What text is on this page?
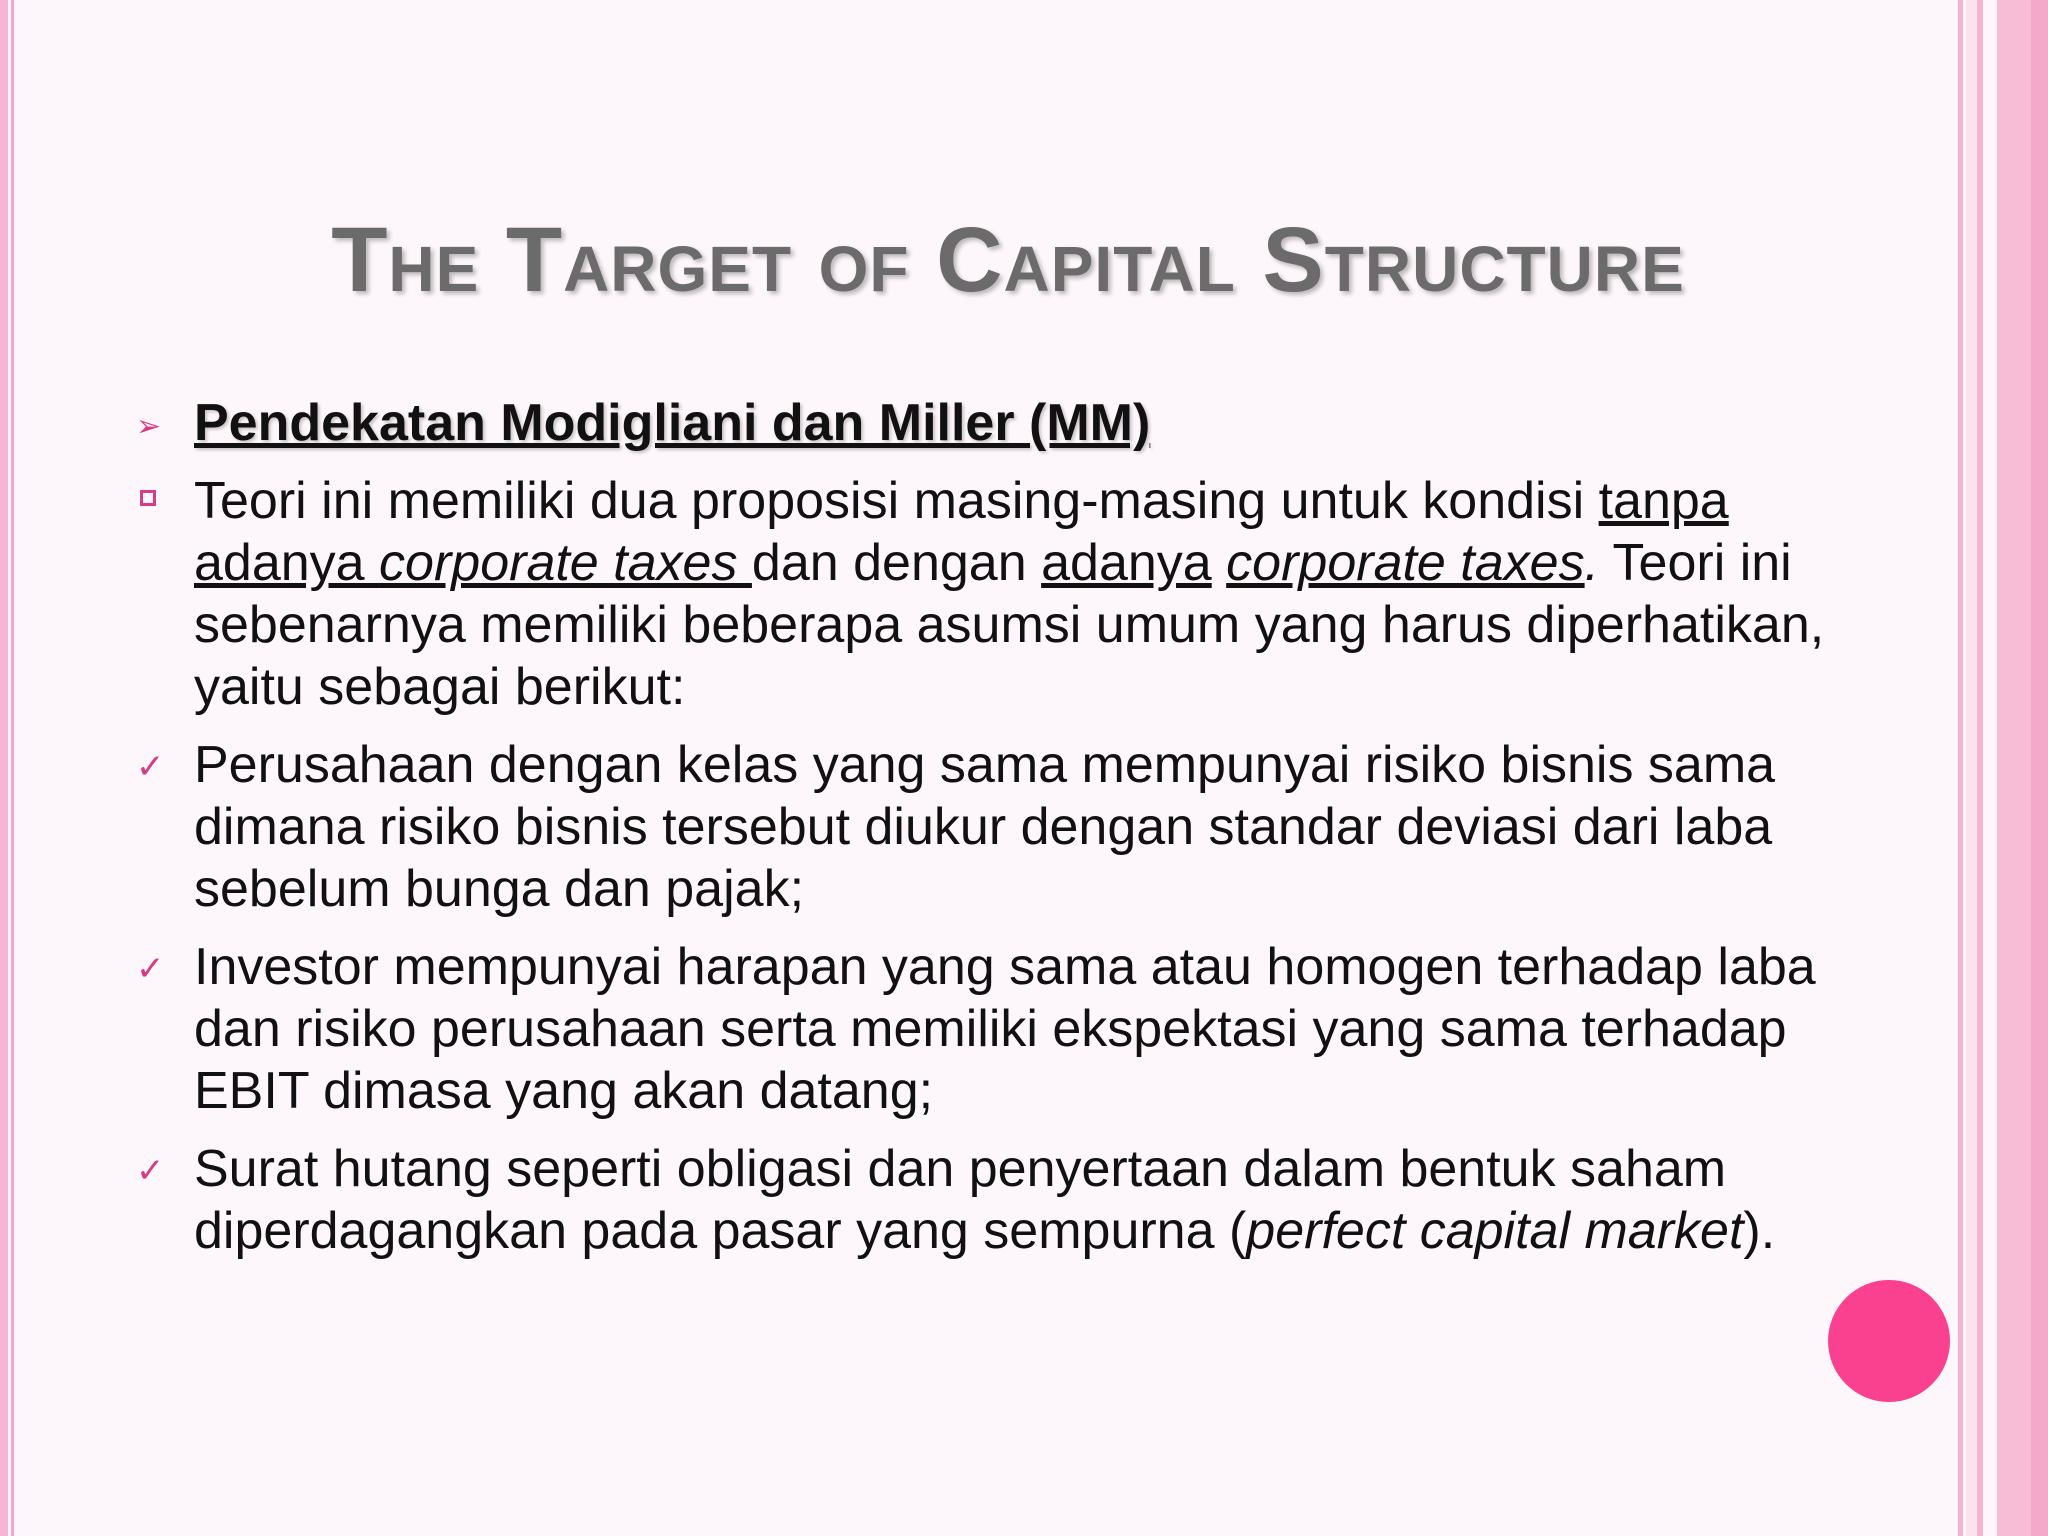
The Target of Capital Structure
➢ Pendekatan Modigliani dan Miller (MM)
Teori ini memiliki dua proposisi masing-masing untuk kondisi tanpa adanya corporate taxes dan dengan adanya corporate taxes. Teori ini sebenarnya memiliki beberapa asumsi umum yang harus diperhatikan, yaitu sebagai berikut:
✓ Perusahaan dengan kelas yang sama mempunyai risiko bisnis sama dimana risiko bisnis tersebut diukur dengan standar deviasi dari laba sebelum bunga dan pajak;
✓ Investor mempunyai harapan yang sama atau homogen terhadap laba dan risiko perusahaan serta memiliki ekspektasi yang sama terhadap EBIT dimasa yang akan datang;
✓ Surat hutang seperti obligasi dan penyertaan dalam bentuk saham diperdagangkan pada pasar yang sempurna (perfect capital market).
